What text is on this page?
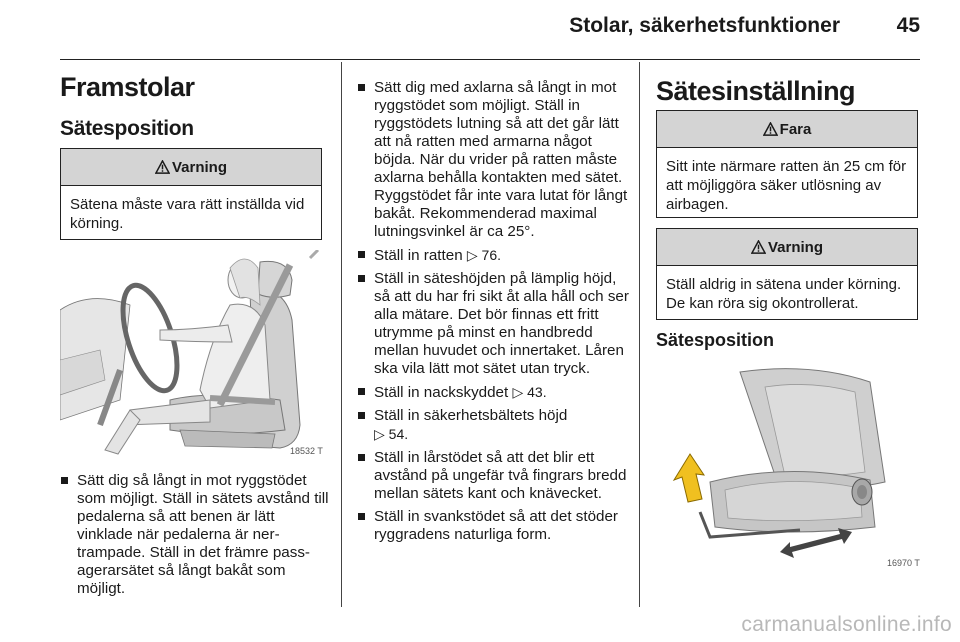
Stolar, säkerhetsfunktioner	45
Framstolar
Sätesposition
Varning
Sätena måste vara rätt inställda vid körning.
18532 T
Sätt dig så långt in mot ryggstödet som möjligt. Ställ in sätets avstånd till pedalerna så att benen är lätt vinklade när pedalerna är nertrampade. Ställ in det främre passagerarsätet så långt bakåt som möjligt.
Sätt dig med axlarna så långt in mot ryggstödet som möjligt. Ställ in ryggstödets lutning så att det går lätt att nå ratten med armarna något böjda. När du vrider på ratten måste axlarna behålla kontakten med sätet. Ryggstödet får inte vara lutat för långt bakåt. Rekommenderad maximal lutningsvinkel är ca 25°.
Ställ in ratten ▷ 76.
Ställ in säteshöjden på lämplig höjd, så att du har fri sikt åt alla håll och ser alla mätare. Det bör finnas ett fritt utrymme på minst en handbredd mellan huvudet och innertaket. Låren ska vila lätt mot sätet utan tryck.
Ställ in nackskyddet ▷ 43.
Ställ in säkerhetsbältets höjd
▷ 54.
Ställ in lårstödet så att det blir ett avstånd på ungefär två fingrars bredd mellan sätets kant och knävecket.
Ställ in svankstödet så att det stöder ryggradens naturliga form.
Sätesinställning
Fara
Sitt inte närmare ratten än 25 cm för att möjliggöra säker utlösning av airbagen.
Varning
Ställ aldrig in sätena under körning. De kan röra sig okontrollerat.
Sätesposition
16970 T
carmanualsonline.info
